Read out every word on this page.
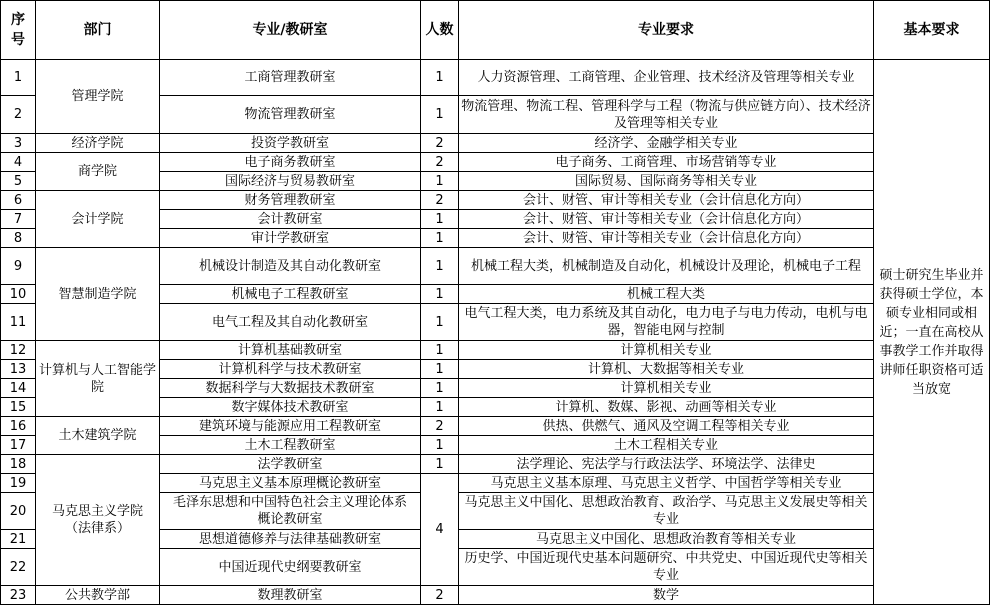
序号	部门	专业/教研室	人数	专业要求	基本要求
1	管理学院	工商管理教研室	1	人力资源管理、工商管理、企业管理、技术经济及管理等相关专业	硕士研究生毕业并获得硕士学位，本硕专业相同或相近；一直在高校从事教学工作并取得讲师任职资格可适当放宽
2		物流管理教研室	1	物流管理、物流工程、管理科学与工程（物流与供应链方向）、技术经济及管理等相关专业	
3	经济学院	投资学教研室	2	经济学、金融学相关专业	
4	商学院	电子商务教研室	2	电子商务、工商管理、市场营销等专业	
5		国际经济与贸易教研室	1	国际贸易、国际商务等相关专业	
6	会计学院	财务管理教研室	2	会计、财管、审计等相关专业（会计信息化方向）	
7		会计教研室	1	会计、财管、审计等相关专业（会计信息化方向）	
8		审计学教研室	1	会计、财管、审计等相关专业（会计信息化方向）	
9	智慧制造学院	机械设计制造及其自动化教研室	1	机械工程大类，机械制造及自动化，机械设计及理论，机械电子工程	
10		机械电子工程教研室	1	机械工程大类	
11		电气工程及其自动化教研室	1	电气工程大类，电力系统及其自动化，电力电子与电力传动，电机与电器，智能电网与控制	
12	计算机与人工智能学院	计算机基础教研室	1	计算机相关专业	
13		计算机科学与技术教研室	1	计算机、大数据等相关专业	
14		数据科学与大数据技术教研室	1	计算机相关专业	
15		数字媒体技术教研室	1	计算机、数媒、影视、动画等相关专业	
16	土木建筑学院	建筑环境与能源应用工程教研室	2	供热、供燃气、通风及空调工程等相关专业	
17		土木工程教研室	1	土木工程相关专业	
18	马克思主义学院（法律系）	法学教研室	1	法学理论、宪法学与行政法法学、环境法学、法律史	
19		马克思主义基本原理概论教研室	4	马克思主义基本原理、马克思主义哲学、中国哲学等相关专业	
20		毛泽东思想和中国特色社会主义理论体系概论教研室		马克思主义中国化、思想政治教育、政治学、马克思主义发展史等相关专业	
21		思想道德修养与法律基础教研室		马克思主义中国化、思想政治教育等相关专业	
22		中国近现代史纲要教研室		历史学、中国近现代史基本问题研究、中共党史、中国近现代史等相关专业	
23	公共教学部	数理教研室	2	数学	
